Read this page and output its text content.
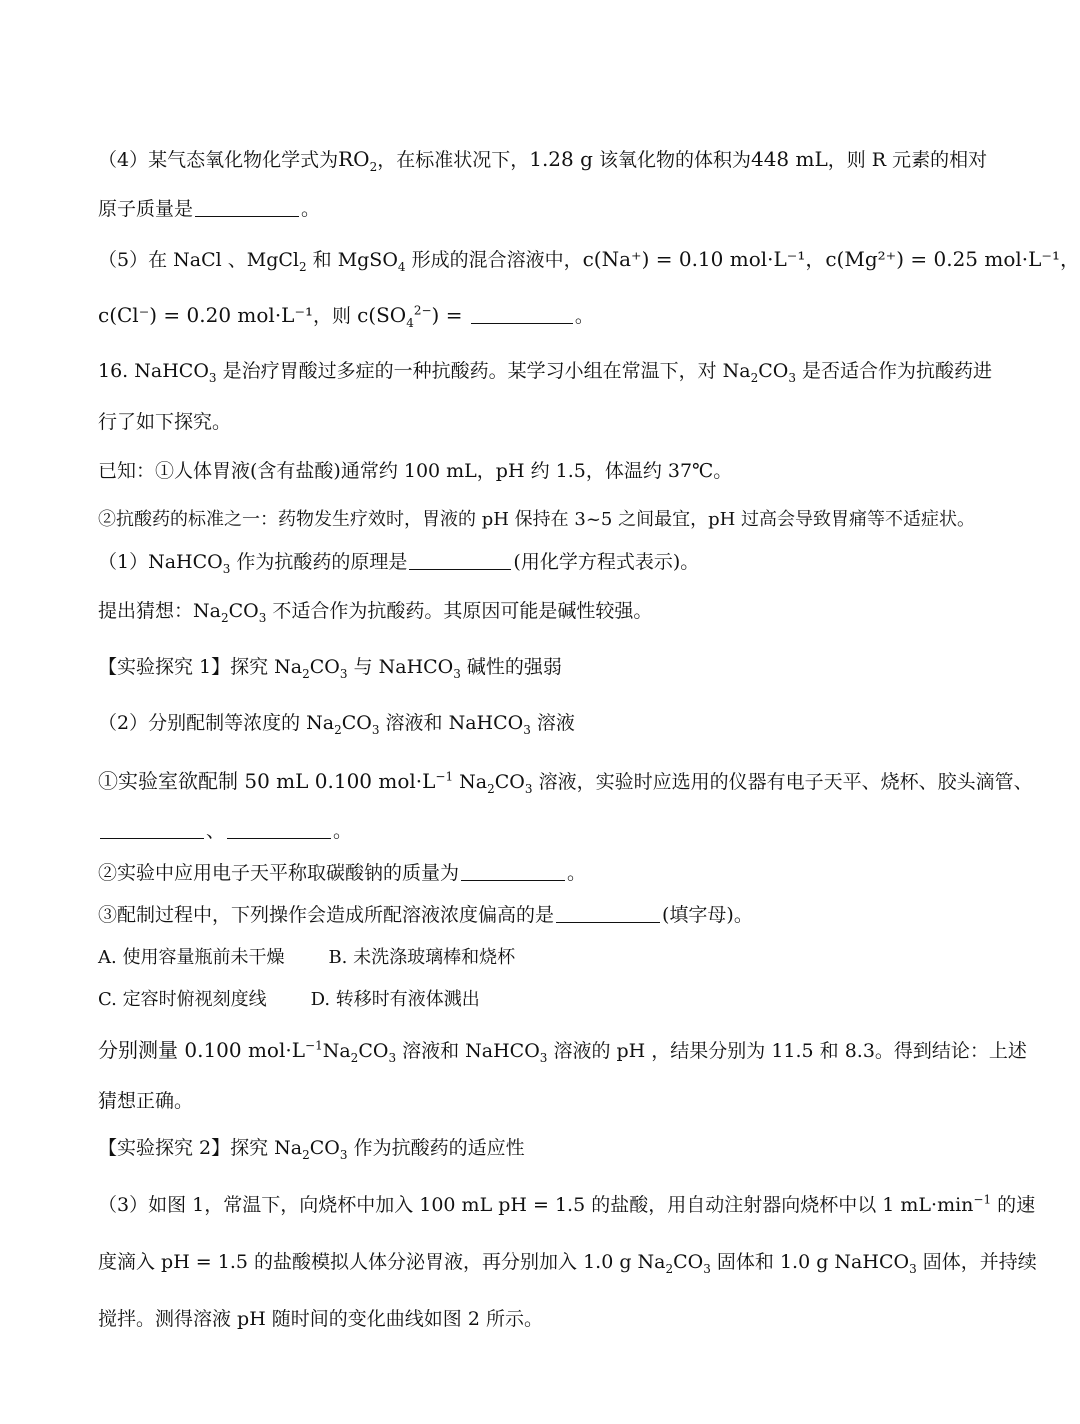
（4）某气态氧化物化学式为$RO_2$，在标准状况下，1.28 g 该氧化物的体积为448 mL，则 R 元素的相对
原子质量是	。
（5）在 NaCl 、MgCl$_2$ 和 MgSO$_4$ 形成的混合溶液中，c(Na⁺) = 0.10 mol·L⁻¹，c(Mg²⁺) = 0.25 mol·L⁻¹，
c(Cl⁻) = 0.20 mol·L⁻¹，则 $c(SO_4^{2-})$ =	。
16. NaHCO$_3$ 是治疗胃酸过多症的一种抗酸药。某学习小组在常温下，对 $Na_2CO_3$ 是否适合作为抗酸药进
行了如下探究。
已知：①人体胃液(含有盐酸)通常约 100 mL，pH 约 1.5，体温约 37℃。
②抗酸药的标准之一：药物发生疗效时，胃液的 pH 保持在 3~5 之间最宜，pH 过高会导致胃痛等不适症状。
（1）NaHCO$_3$ 作为抗酸药的原理是	(用化学方程式表示)。
提出猜想：$Na_2CO_3$ 不适合作为抗酸药。其原因可能是碱性较强。
【实验探究 1】探究 $Na_2CO_3$ 与 NaHCO$_3$ 碱性的强弱
（2）分别配制等浓度的 $Na_2CO_3$ 溶液和 NaHCO$_3$ 溶液
①实验室欲配制 50 mL 0.100 $mol\cdot L^{-1}$ $Na_2CO_3$ 溶液，实验时应选用的仪器有电子天平、烧杯、胶头滴管、
、	。
②实验中应用电子天平称取碳酸钠的质量为	。
③配制过程中，下列操作会造成所配溶液浓度偏高的是	(填字母)。
A. 使用容量瓶前未干燥 B. 未洗涤玻璃棒和烧杯
C. 定容时俯视刻度线 D. 转移时有液体溅出
分别测量 0.100 $mol\cdot L^{-1}Na_2CO_3$ 溶液和 NaHCO$_3$ 溶液的 pH ，结果分别为 11.5 和 8.3。得到结论：上述
猜想正确。
【实验探究 2】探究 $Na_2CO_3$ 作为抗酸药的适应性
（3）如图 1，常温下，向烧杯中加入 100 mL pH = 1.5 的盐酸，用自动注射器向烧杯中以 1 $mL\cdot\min^{-1}$ 的速
度滴入 pH = 1.5 的盐酸模拟人体分泌胃液，再分别加入 1.0 g $Na_2CO_3$ 固体和 1.0 g NaHCO$_3$ 固体，并持续
搅拌。测得溶液 pH 随时间的变化曲线如图 2 所示。
